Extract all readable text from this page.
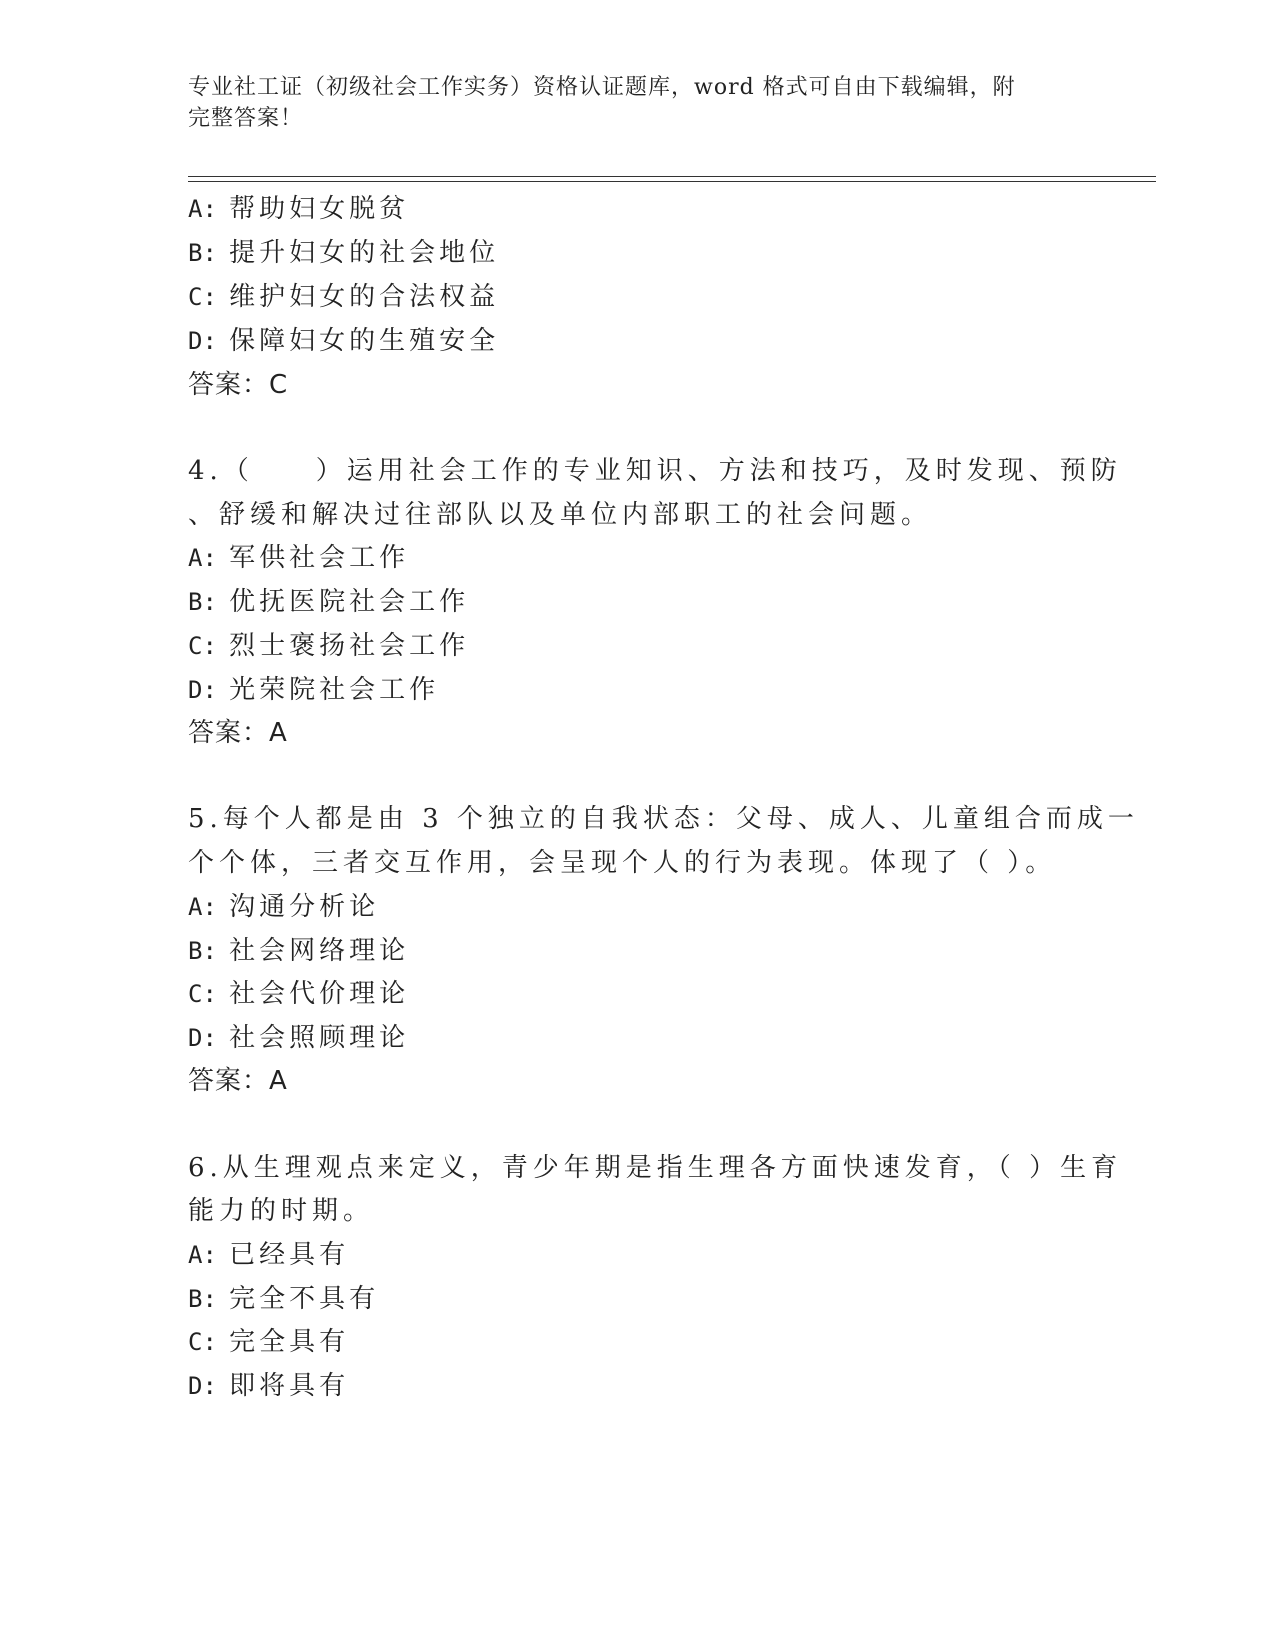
专业社工证（初级社会工作实务）资格认证题库，word 格式可自由下载编辑，附
完整答案！
A: 帮助妇女脱贫
B: 提升妇女的社会地位
C: 维护妇女的合法权益
D: 保障妇女的生殖安全
答案：C
4.（　　）运用社会工作的专业知识、方法和技巧，及时发现、预防
、舒缓和解决过往部队以及单位内部职工的社会问题。
A: 军供社会工作
B: 优抚医院社会工作
C: 烈士褒扬社会工作
D: 光荣院社会工作
答案：A
5.每个人都是由 3 个独立的自我状态：父母、成人、儿童组合而成一
个个体，三者交互作用，会呈现个人的行为表现。体现了（ ）。
A: 沟通分析论
B: 社会网络理论
C: 社会代价理论
D: 社会照顾理论
答案：A
6.从生理观点来定义，青少年期是指生理各方面快速发育，（ ）生育
能力的时期。
A: 已经具有
B: 完全不具有
C: 完全具有
D: 即将具有
